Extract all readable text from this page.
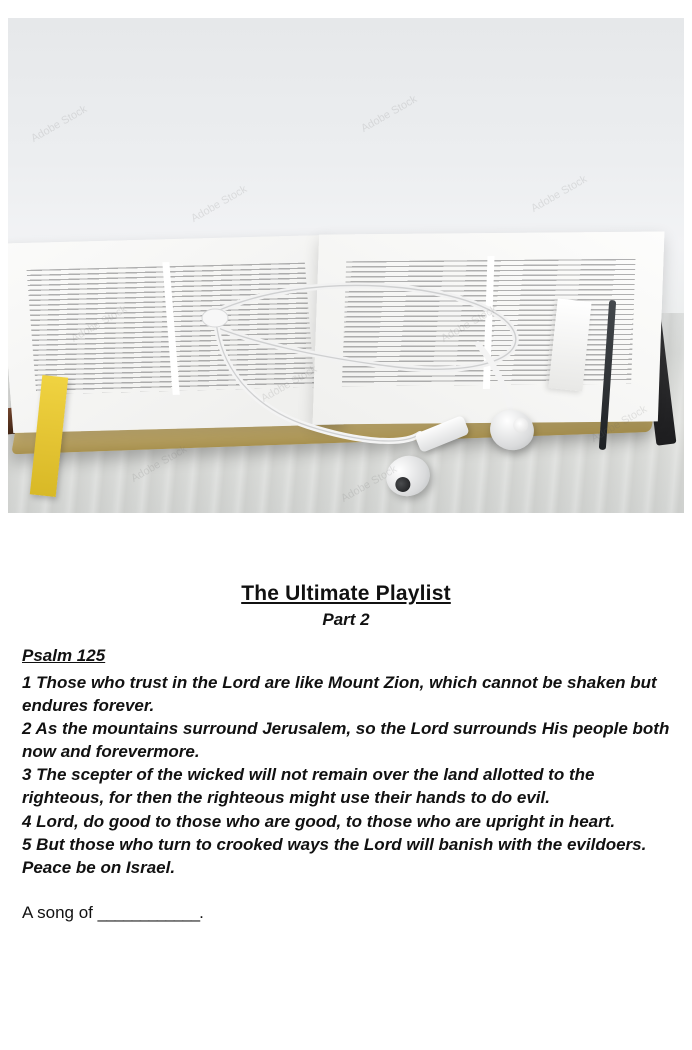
Adobe Stock
Adobe Stock
Adobe Stock
Adobe Stock
The Ultimate Playlist
Part 2
Psalm 125

1 Those who trust in the Lord are like Mount Zion, which cannot be shaken but endures forever.

2 As the mountains surround Jerusalem, so the Lord surrounds His people both now and forevermore.

3 The scepter of the wicked will not remain over the land allotted to the righteous, for then the righteous might use their hands to do evil.

4 Lord, do good to those who are good, to those who are upright in heart.

5 But those who turn to crooked ways the Lord will banish with the evildoers. Peace be on Israel.

A song of ____________.
